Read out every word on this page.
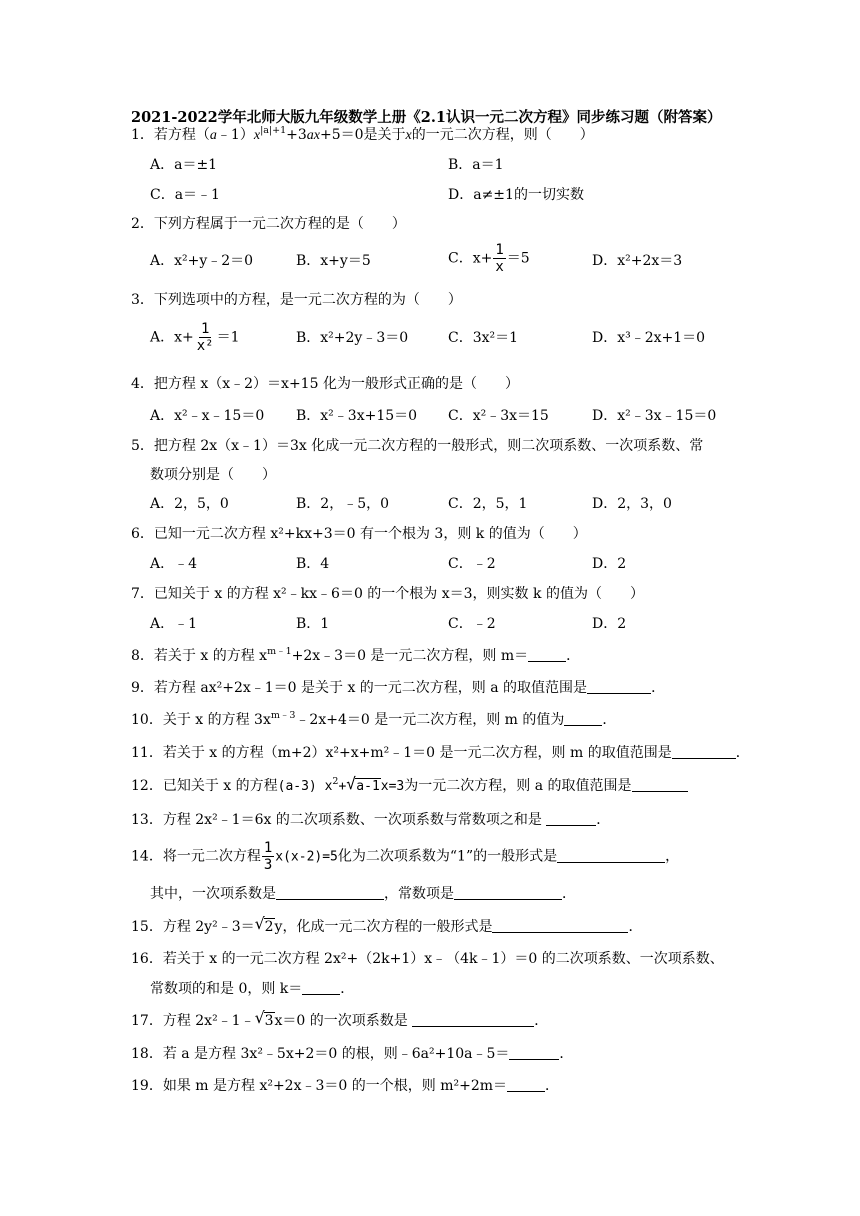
2021-2022学年北师大版九年级数学上册《2.1认识一元二次方程》同步练习题（附答案）
1．若方程$(a﹣1)x^{|a|+1}+3ax+5=0$是关于x的一元二次方程，则（　　）
A．a＝±1	B．a＝1
C．a＝﹣1	D．a≠±1的一切实数
2．下列方程属于一元二次方程的是（　　）
A．x²+y﹣2＝0	B．x+y＝5	C．$x+ \frac{1}{x} =5$	D．x²+2x＝3
3．下列选项中的方程，是一元二次方程的为（　　）
A．$x+ \frac{1}{\text{x²}} =1$	B．x²+2y﹣3＝0	C．3x²＝1	D．x³﹣2x+1＝0
4．把方程 x（x﹣2）＝x+15 化为一般形式正确的是（　　）
A．x²﹣x﹣15＝0 B．x²﹣3x+15＝0 C．x²﹣3x＝15	D．x²﹣3x﹣15＝0
5．把方程 2x（x﹣1）＝3x 化成一元二次方程的一般形式，则二次项系数、一次项系数、常
数项分别是（　　）
A．2，5，0	B．2，﹣5，0	C．2，5，1	D．2，3，0
6．已知一元二次方程 x²+kx+3＝0 有一个根为 3，则 k 的值为（　　）
A．﹣4	B．4	C．﹣2	D．2
7．已知关于 x 的方程 x²﹣kx﹣6＝0 的一个根为 x＝3，则实数 k 的值为（　　）
A．﹣1	B．1	C．﹣2	D．2
8．若关于 x 的方程 $x^{m﹣1}+2x﹣3=0$ 是一元二次方程，则 m＝	．
9．若方程 ax²+2x﹣1＝0 是关于 x 的一元二次方程，则 a 的取值范围是	．
10．关于 x 的方程 $3x^{m﹣3}﹣2x+4=0$ 是一元二次方程，则 m 的值为	．
11．若关于 x 的方程（m+2）x²+x+m²﹣1＝0 是一元二次方程，则 m 的取值范围是	．
12．已知关于 x 的方程(a-3) $x^2+$ √ a-1x=3为一元二次方程，则 a 的取值范围是
13．方程 2x²﹣1＝6x 的二次项系数、一次项系数与常数项之和是	．
14．将一元二次方程 $\frac{1}{3} x(x-2)=5$化为二次项系数为“1”的一般形式是	，
其中，一次项系数是	，常数项是	．
15．方程 2y²﹣3＝ √ 2y，化成一元二次方程的一般形式是	．
16．若关于 x 的一元二次方程 2x²+（2k+1）x﹣（4k﹣1）＝0 的二次项系数、一次项系数、
常数项的和是 0，则 k＝	．
17．方程 2x²﹣1﹣ √ 3x＝0 的一次项系数是	．
18．若 a 是方程 3x²﹣5x+2＝0 的根，则﹣6a²+10a﹣5＝	．
19．如果 m 是方程 x²+2x﹣3＝0 的一个根，则 m²+2m＝	．
